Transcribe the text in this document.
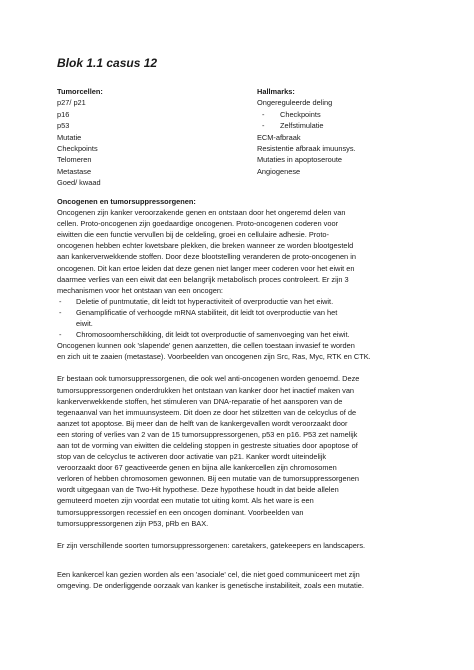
Blok 1.1 casus 12
Tumorcellen:
p27/ p21
p16
p53
Mutatie
Checkpoints
Telomeren
Metastase
Goed/ kwaad
Hallmarks:
Ongereguleerde deling
- Checkpoints
- Zelfstimulatie
ECM-afbraak
Resistentie afbraak imuunsys.
Mutaties in apoptoseroute
Angiogenese
Oncogenen en tumorsuppressorgenen:
Oncogenen zijn kanker veroorzakende genen en ontstaan door het ongeremd delen van
cellen. Proto-oncogenen zijn goedaardige oncogenen. Proto-oncogenen coderen voor
eiwitten die een functie vervullen bij de celdeling, groei en cellulaire adhesie. Proto-
oncogenen hebben echter kwetsbare plekken, die breken wanneer ze worden blootgesteld
aan kankerverwekkende stoffen. Door deze blootstelling veranderen de proto-oncogenen in
oncogenen. Dit kan ertoe leiden dat deze genen niet langer meer coderen voor het eiwit en
daarmee verlies van een eiwit dat een belangrijk metabolisch proces controleert. Er zijn 3
mechanismen voor het ontstaan van een oncogen:
-	Deletie of puntmutatie, dit leidt tot hyperactiviteit of overproductie van het eiwit.
-	Genamplificatie of verhoogde mRNA stabiliteit, dit leidt tot overproductie van het
eiwit.
-	Chromosoomherschikking, dit leidt tot overproductie of samenvoeging van het eiwit.
Oncogenen kunnen ook 'slapende' genen aanzetten, die cellen toestaan invasief te worden
en zich uit te zaaien (metastase). Voorbeelden van oncogenen zijn Src, Ras, Myc, RTK en CTK.
Er bestaan ook tumorsuppressorgenen, die ook wel anti-oncogenen worden genoemd. Deze
tumorsuppressorgenen onderdrukken het ontstaan van kanker door het inactief maken van
kankerverwekkende stoffen, het stimuleren van DNA-reparatie of het aansporen van de
tegenaanval van het immuunsysteem. Dit doen ze door het stilzetten van de celcyclus of de
aanzet tot apoptose. Bij meer dan de helft van de kankergevallen wordt veroorzaakt door
een storing of verlies van 2 van de 15 tumorsuppressorgenen, p53 en p16. P53 zet namelijk
aan tot de vorming van eiwitten die celdeling stoppen in gestreste situaties door apoptose of
stop van de celcyclus te activeren door activatie van p21. Kanker wordt uiteindelijk
veroorzaakt door 67 geactiveerde genen en bijna alle kankercellen zijn chromosomen
verloren of hebben chromosomen gewonnen. Bij een mutatie van de tumorsuppressorgenen
wordt uitgegaan van de Two-Hit hypothese. Deze hypothese houdt in dat beide allelen
gemuteerd moeten zijn voordat een mutatie tot uiting komt. Als het ware is een
tumorsuppressorgen recessief en een oncogen dominant. Voorbeelden van
tumorsuppressorgenen zijn P53, pRb en BAX.
Er zijn verschillende soorten tumorsuppressorgenen: caretakers, gatekeepers en landscapers.
Een kankercel kan gezien worden als een 'asociale' cel, die niet goed communiceert met zijn
omgeving. De onderliggende oorzaak van kanker is genetische instabiliteit, zoals een mutatie.
